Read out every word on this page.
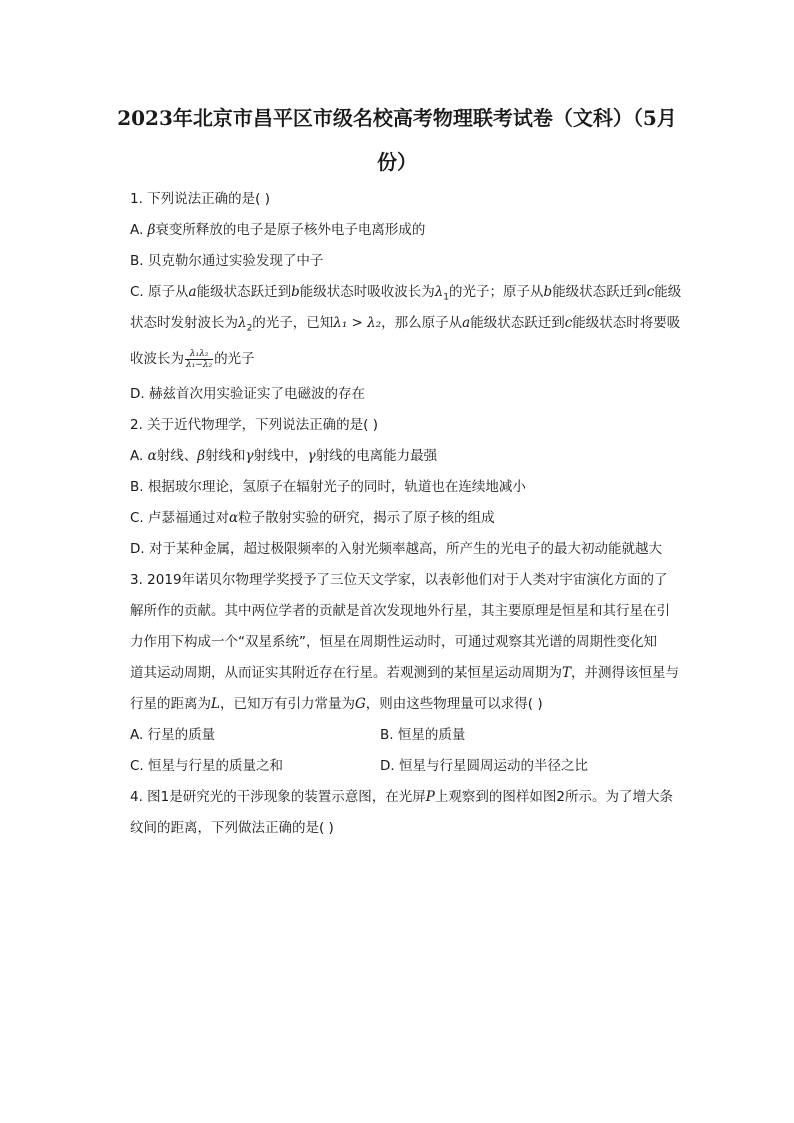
2023年北京市昌平区市级名校高考物理联考试卷（文科）（5月
份）
1. 下列说法正确的是( )
A. β衰变所释放的电子是原子核外电子电离形成的
B. 贝克勒尔通过实验发现了中子
C. 原子从a能级状态跃迁到b能级状态时吸收波长为$\lambda_1$的光子；原子从b能级状态跃迁到c能级
状态时发射波长为$\lambda_2$的光子，已知λ₁ > λ₂，那么原子从a能级状态跃迁到c能级状态时将要吸
收波长为 $\frac{\text{λ₁λ₂}}{\text{λ₁−λ₂}}$ 的光子
D. 赫兹首次用实验证实了电磁波的存在
2. 关于近代物理学，下列说法正确的是( )
A. α射线、β射线和γ射线中，γ射线的电离能力最强
B. 根据玻尔理论，氢原子在辐射光子的同时，轨道也在连续地减小
C. 卢瑟福通过对α粒子散射实验的研究，揭示了原子核的组成
D. 对于某种金属，超过极限频率的入射光频率越高，所产生的光电子的最大初动能就越大
3. 2019年诺贝尔物理学奖授予了三位天文学家，以表彰他们对于人类对宇宙演化方面的了
解所作的贡献。其中两位学者的贡献是首次发现地外行星，其主要原理是恒星和其行星在引
力作用下构成一个“双星系统”，恒星在周期性运动时，可通过观察其光谱的周期性变化知
道其运动周期，从而证实其附近存在行星。若观测到的某恒星运动周期为T，并测得该恒星与
行星的距离为L，已知万有引力常量为G，则由这些物理量可以求得( )
A. 行星的质量	B. 恒星的质量
C. 恒星与行星的质量之和	D. 恒星与行星圆周运动的半径之比
4. 图1是研究光的干涉现象的装置示意图，在光屏P上观察到的图样如图2所示。为了增大条
纹间的距离，下列做法正确的是( )
